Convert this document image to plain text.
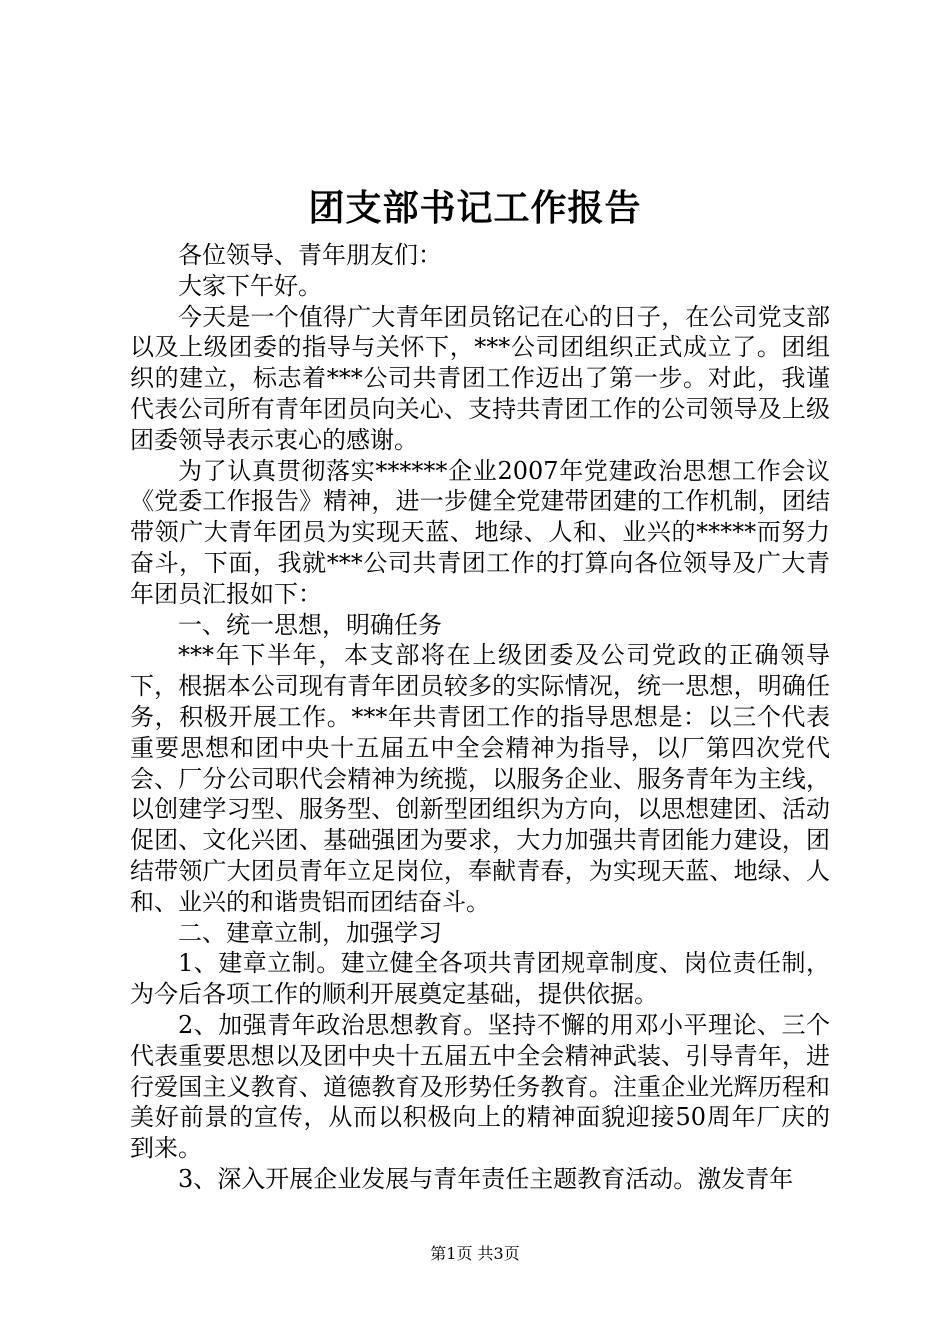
团支部书记工作报告

各位领导、青年朋友们：

大家下午好。

今天是一个值得广大青年团员铭记在心的日子，在公司党支部以及上级团委的指导与关怀下，***公司团组织正式成立了。团组织的建立，标志着***公司共青团工作迈出了第一步。对此，我谨代表公司所有青年团员向关心、支持共青团工作的公司领导及上级团委领导表示衷心的感谢。

为了认真贯彻落实******企业2007年党建政治思想工作会议《党委工作报告》精神，进一步健全党建带团建的工作机制，团结带领广大青年团员为实现天蓝、地绿、人和、业兴的*****而努力奋斗，下面，我就***公司共青团工作的打算向各位领导及广大青年团员汇报如下：

一、统一思想，明确任务

***年下半年，本支部将在上级团委及公司党政的正确领导下，根据本公司现有青年团员较多的实际情况，统一思想，明确任务，积极开展工作。***年共青团工作的指导思想是：以三个代表重要思想和团中央十五届五中全会精神为指导，以厂第四次党代会、厂分公司职代会精神为统揽，以服务企业、服务青年为主线，以创建学习型、服务型、创新型团组织为方向，以思想建团、活动促团、文化兴团、基础强团为要求，大力加强共青团能力建设，团结带领广大团员青年立足岗位，奉献青春，为实现天蓝、地绿、人和、业兴的和谐贵铝而团结奋斗。

二、建章立制，加强学习

1、建章立制。建立健全各项共青团规章制度、岗位责任制，为今后各项工作的顺利开展奠定基础，提供依据。

2、加强青年政治思想教育。坚持不懈的用邓小平理论、三个代表重要思想以及团中央十五届五中全会精神武装、引导青年，进行爱国主义教育、道德教育及形势任务教育。注重企业光辉历程和美好前景的宣传，从而以积极向上的精神面貌迎接50周年厂庆的到来。

3、深入开展企业发展与青年责任主题教育活动。激发青年

第1页 共3页
